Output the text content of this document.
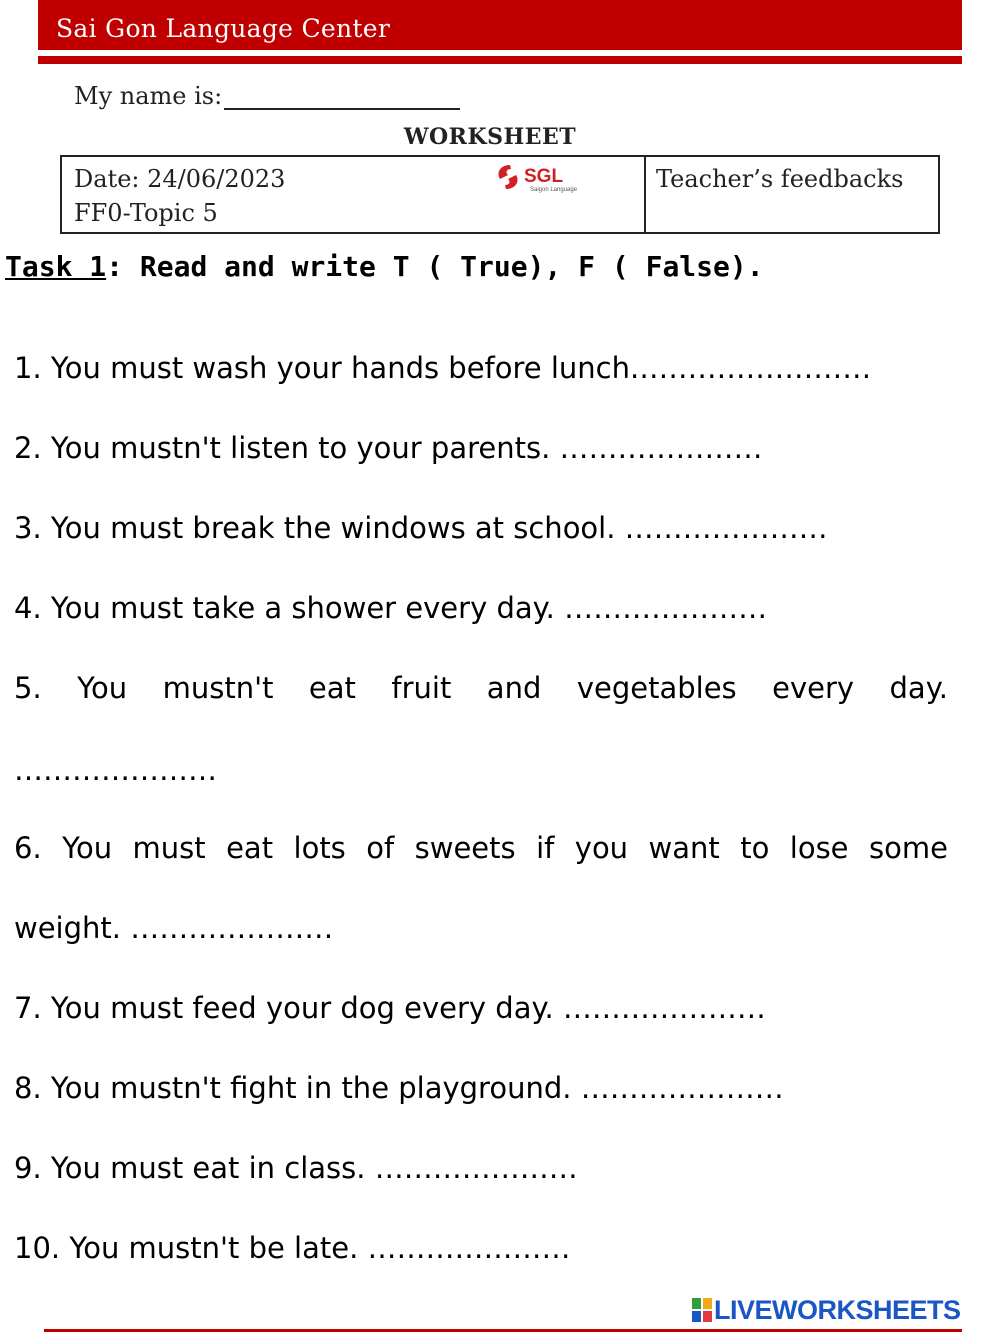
Sai Gon Language Center
My name is:
WORKSHEET
Date: 24/06/2023
FF0-Topic 5
SGL
Saigon Language	Teacher’s feedbacks
Task 1: Read and write T ( True), F ( False).
1. You must wash your hands before lunch.……………………
2. You mustn't listen to your parents. …………………
3. You must break the windows at school. …………………
4. You must take a shower every day. …………………
5. You mustn't eat fruit and vegetables every day.
…………………
6. You must eat lots of sweets if you want to lose some
weight. …………………
7. You must feed your dog every day. …………………
8. You mustn't fight in the playground. …………………
9. You must eat in class. …………………
10. You mustn't be late. …………………
LIVEWORKSHEETS
